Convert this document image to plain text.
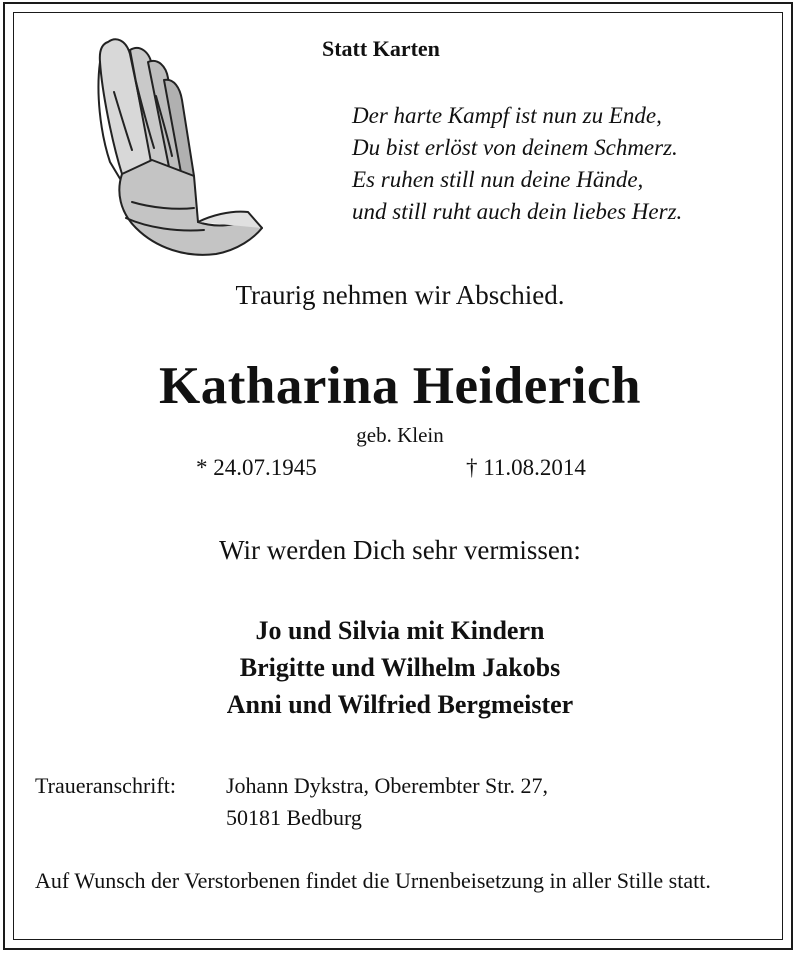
Statt Karten
Der harte Kampf ist nun zu Ende,
Du bist erlöst von deinem Schmerz.
Es ruhen still nun deine Hände,
und still ruht auch dein liebes Herz.
Traurig nehmen wir Abschied.
Katharina Heiderich
geb. Klein
* 24.07.1945	† 11.08.2014
Wir werden Dich sehr vermissen:
Jo und Silvia mit Kindern
Brigitte und Wilhelm Jakobs
Anni und Wilfried Bergmeister
Traueranschrift: Johann Dykstra, Oberembter Str. 27,
50181 Bedburg
Auf Wunsch der Verstorbenen findet die Urnenbeisetzung in aller Stille statt.
